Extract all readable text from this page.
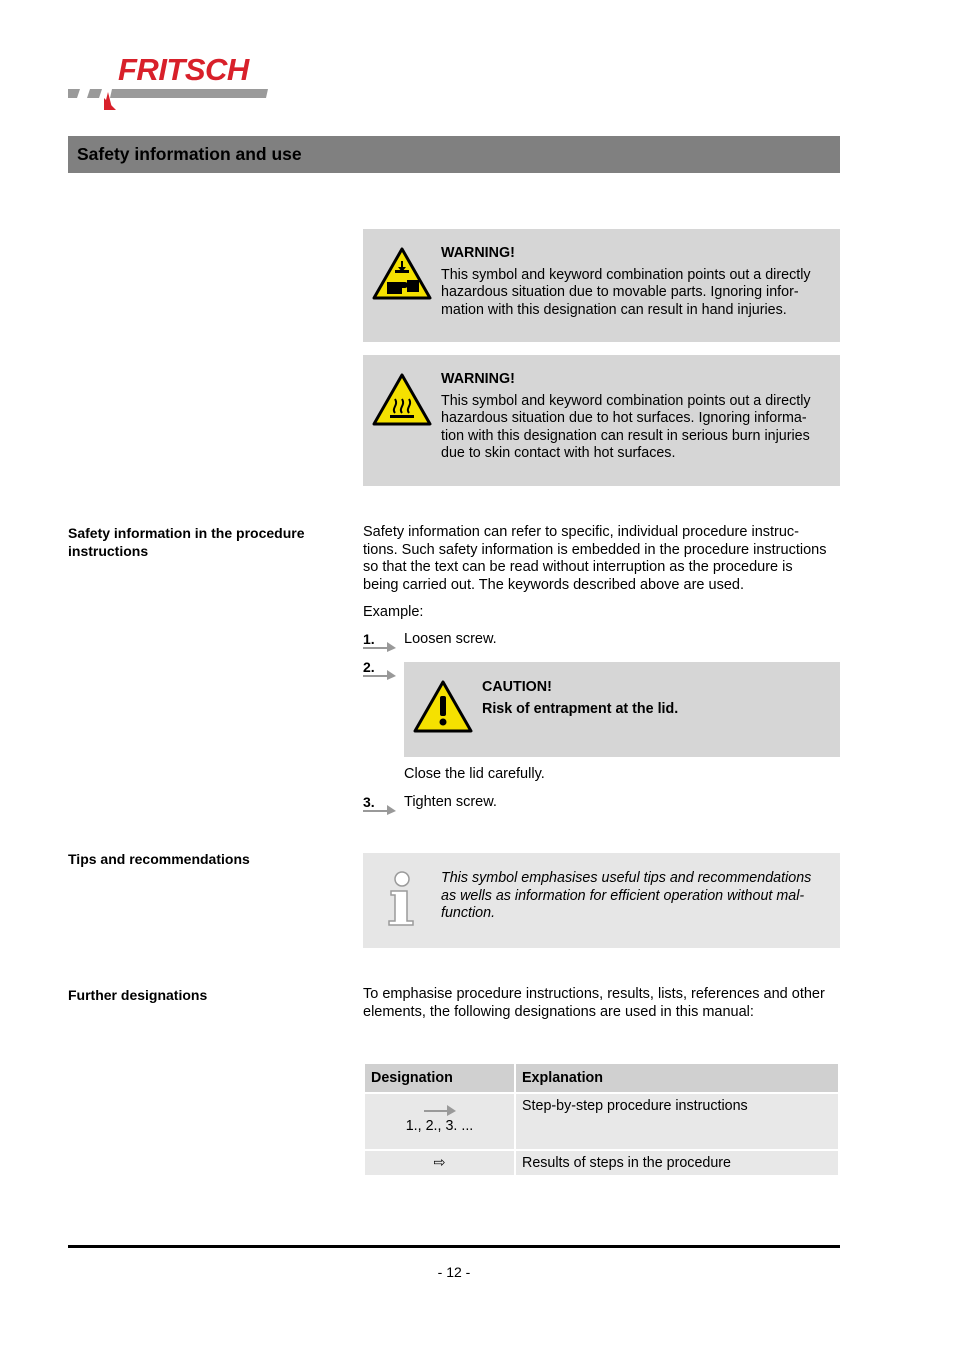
FRITSCH
Safety information and use
WARNING!
This symbol and keyword combination points out a directly
hazardous situation due to movable parts. Ignoring infor-
mation with this designation can result in hand injuries.
WARNING!
This symbol and keyword combination points out a directly
hazardous situation due to hot surfaces. Ignoring informa-
tion with this designation can result in serious burn injuries
due to skin contact with hot surfaces.
Safety information in the procedure
instructions
Safety information can refer to specific, individual procedure instruc-
tions. Such safety information is embedded in the procedure instructions
so that the text can be read without interruption as the procedure is
being carried out. The keywords described above are used.
Example:
1.	Loosen screw.
2.
CAUTION!
Risk of entrapment at the lid.
Close the lid carefully.
3.	Tighten screw.
Tips and recommendations
This symbol emphasises useful tips and recommendations
as wells as information for efficient operation without mal-
function.
Further designations	To emphasise procedure instructions, results, lists, references and other
elements, the following designations are used in this manual:
Designation	Explanation

1., 2., 3. ...	Step-by-step procedure instructions
⇨	Results of steps in the procedure
- 12 -
